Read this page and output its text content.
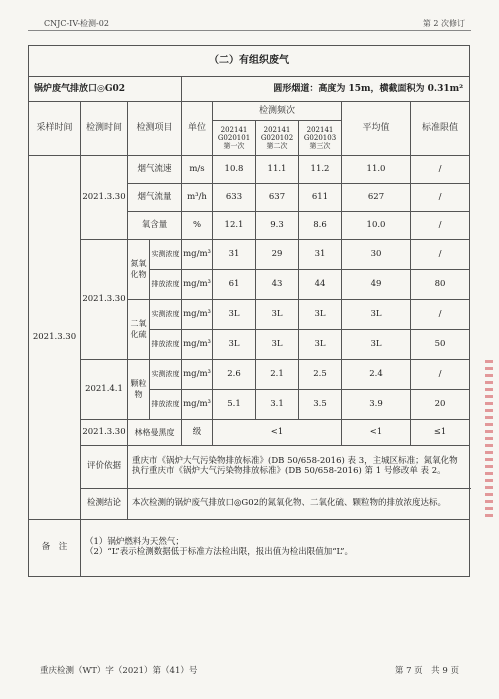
CNJC-IV-检测-02	第 2 次修订
（二）有组织废气									
锅炉废气排放口◎G02				圆形烟道：高度为 15m，横截面积为 0.31m²					
采样时间	检测时间	检测项目		单位	检测频次			平均值	标准限值
					202141
G020101
第一次	202141
G020102
第二次	202141
G020103
第三次		
2021.3.30	2021.3.30	烟气流速		m/s	10.8	11.1	11.2	11.0	/
		烟气流量		m³/h	633	637	611	627	/
		氧含量		%	12.1	9.3	8.6	10.0	/
	2021.3.30	氮氧化物	实测浓度	mg/m³	31	29	31	30	/
			排放浓度	mg/m³	61	43	44	49	80
		二氧化硫	实测浓度	mg/m³	3L	3L	3L	3L	/
			排放浓度	mg/m³	3L	3L	3L	3L	50
	2021.4.1	颗粒物	实测浓度	mg/m³	2.6	2.1	2.5	2.4	/
			排放浓度	mg/m³	5.1	3.1	3.5	3.9	20
	2021.3.30	林格曼黑度		级	<1			<1	≤1
	评价依据	重庆市《锅炉大气污染物排放标准》(DB 50/658-2016) 表 3，主城区标准；氮氧化物执行重庆市《锅炉大气污染物排放标准》(DB 50/658-2016) 第 1 号修改单 表 2。							
	检测结论	本次检测的锅炉废气排放口◎G02的氮氧化物、二氧化硫、颗粒物的排放浓度达标。							
备　注	（1）锅炉燃料为天然气；
（2）“L”表示检测数据低于标准方法检出限，报出值为检出限值加“L”。								
重庆检测（WT）字（2021）第（41）号	第 7 页　共 9 页
